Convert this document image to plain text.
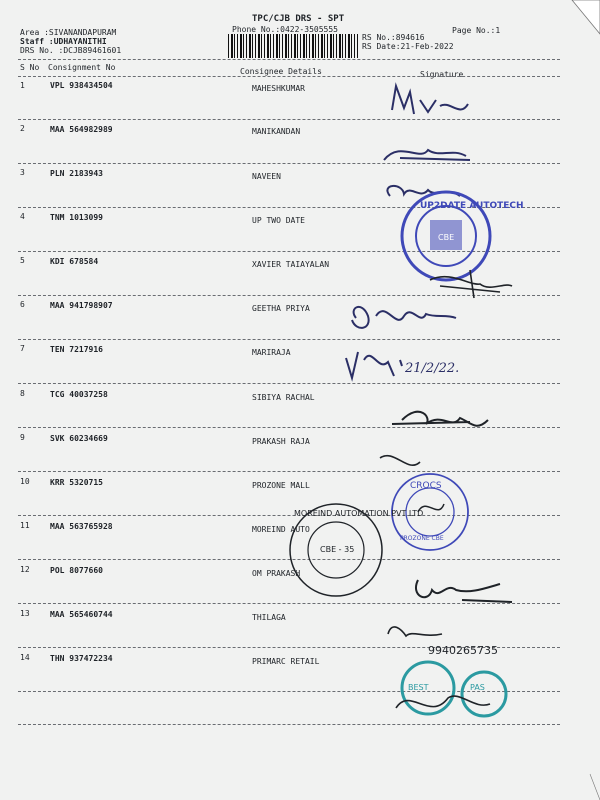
TPC/CJB DRS - SPT
Phone No.:0422-3505555
Area :SIVANANDAPURAM
Staff :UDHAYANITHI
DRS No. :DCJB89461601
RS No.:894616
RS Date:21-Feb-2022
Page No.:1
S No Consignment No	Consignee Details	Signature
1	VPL 938434504	MAHESHKUMAR
2	MAA 564982989	MANIKANDAN
3	PLN 2183943	NAVEEN
4	TNM 1013099	UP TWO DATE
5	KDI 678584	XAVIER TAIAYALAN
6	MAA 941798907	GEETHA PRIYA
7	TEN 7217916	MARIRAJA
8	TCG 40037258	SIBIYA RACHAL
9	SVK 60234669	PRAKASH RAJA
10	KRR 5320715	PROZONE MALL
11	MAA 563765928	MOREIND AUTO
12	POL 8077660	OM PRAKASH
13	MAA 565460744	THILAGA
14	THN 937472234	PRIMARC RETAIL
UP2DATE AUTOTECH
CBE
21/2/22.
CROCS
PROZONE CBE
MOREIND AUTOMATION PVT LTD
CBE - 35
9940265735
BEST	PAS
